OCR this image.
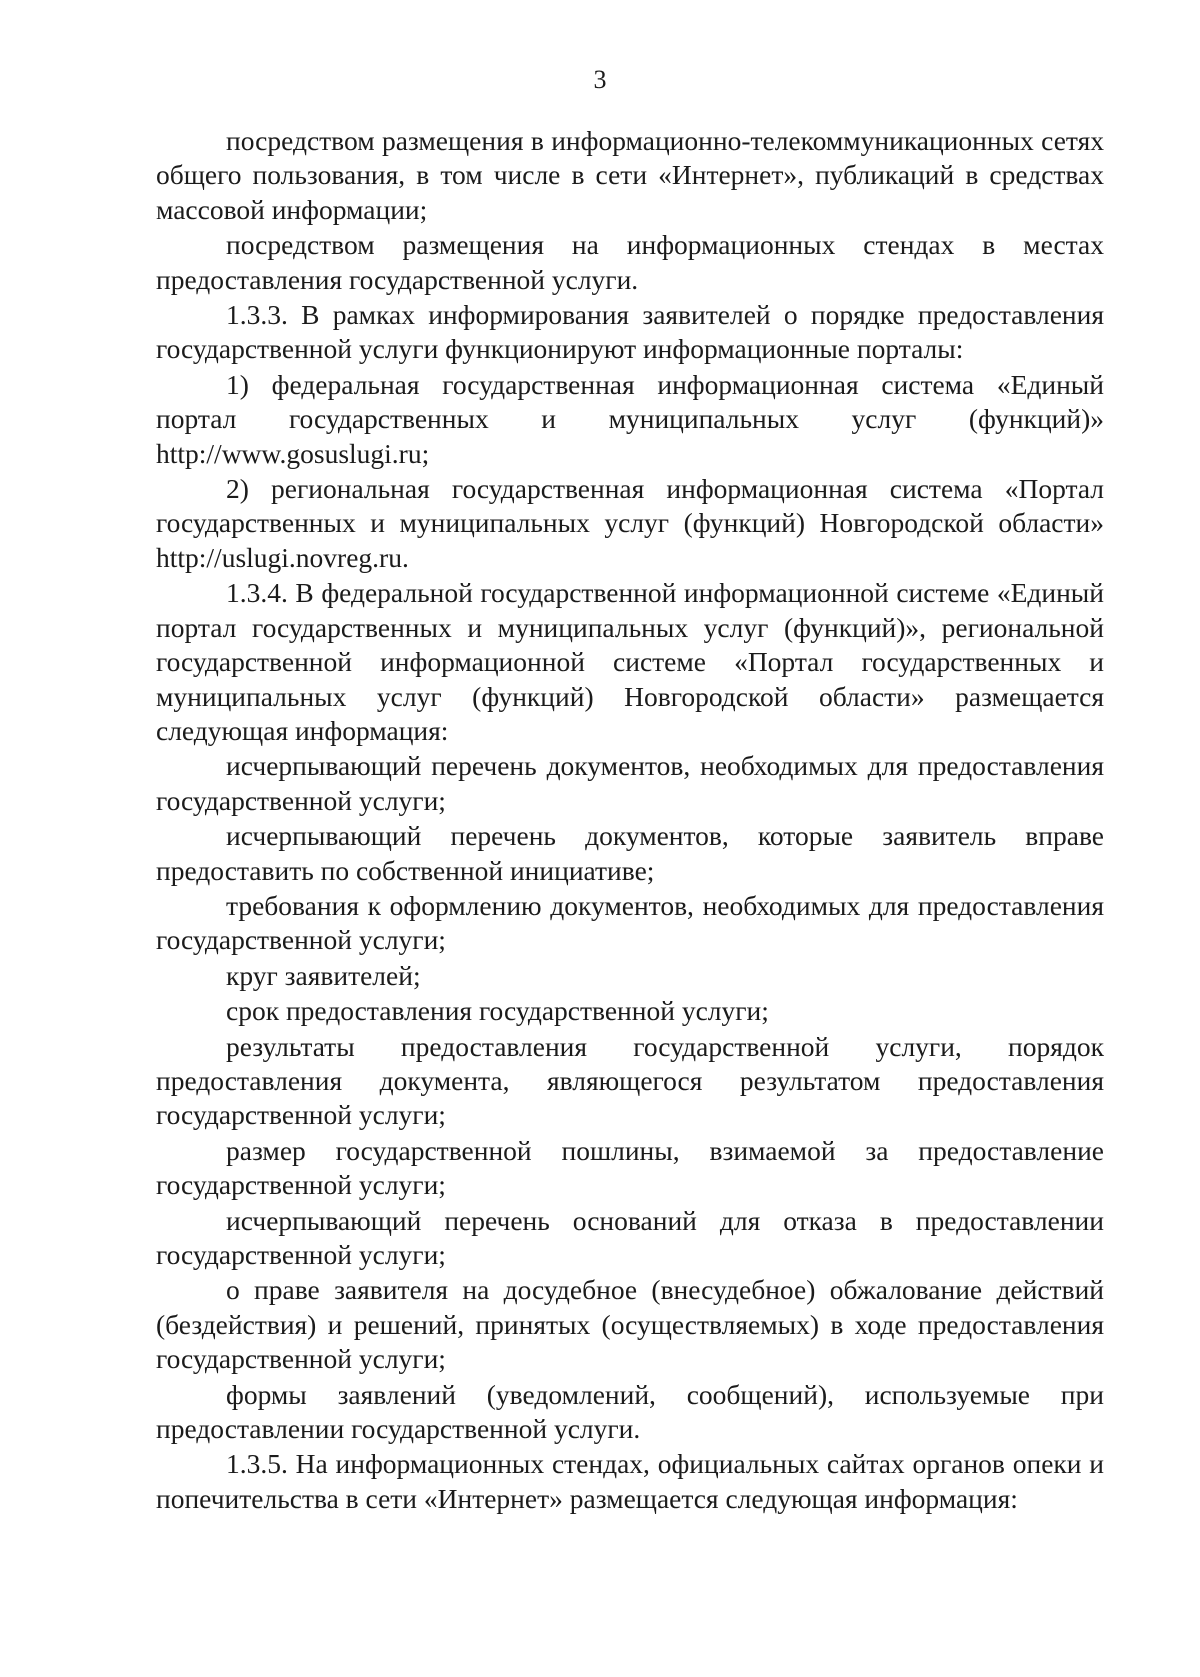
3

посредством размещения в информационно-телекоммуникационных сетях общего пользования, в том числе в сети «Интернет», публикаций в средствах массовой информации;

посредством размещения на информационных стендах в местах предоставления государственной услуги.

1.3.3. В рамках информирования заявителей о порядке предоставления государственной услуги функционируют информационные порталы:

1) федеральная государственная информационная система «Единый портал государственных и муниципальных услуг (функций)» http://www.gosuslugi.ru;

2) региональная государственная информационная система «Портал государственных и муниципальных услуг (функций) Новгородской области» http://uslugi.novreg.ru.

1.3.4. В федеральной государственной информационной системе «Единый портал государственных и муниципальных услуг (функций)», региональной государственной информационной системе «Портал государственных и муниципальных услуг (функций) Новгородской области» размещается следующая информация:

исчерпывающий перечень документов, необходимых для предоставления государственной услуги;

исчерпывающий перечень документов, которые заявитель вправе предоставить по собственной инициативе;

требования к оформлению документов, необходимых для предоставления государственной услуги;

круг заявителей;

срок предоставления государственной услуги;

результаты предоставления государственной услуги, порядок предоставления документа, являющегося результатом предоставления государственной услуги;

размер государственной пошлины, взимаемой за предоставление государственной услуги;

исчерпывающий перечень оснований для отказа в предоставлении государственной услуги;

о праве заявителя на досудебное (внесудебное) обжалование действий (бездействия) и решений, принятых (осуществляемых) в ходе предоставления государственной услуги;

формы заявлений (уведомлений, сообщений), используемые при предоставлении государственной услуги.

1.3.5. На информационных стендах, официальных сайтах органов опеки и попечительства в сети «Интернет» размещается следующая информация:
